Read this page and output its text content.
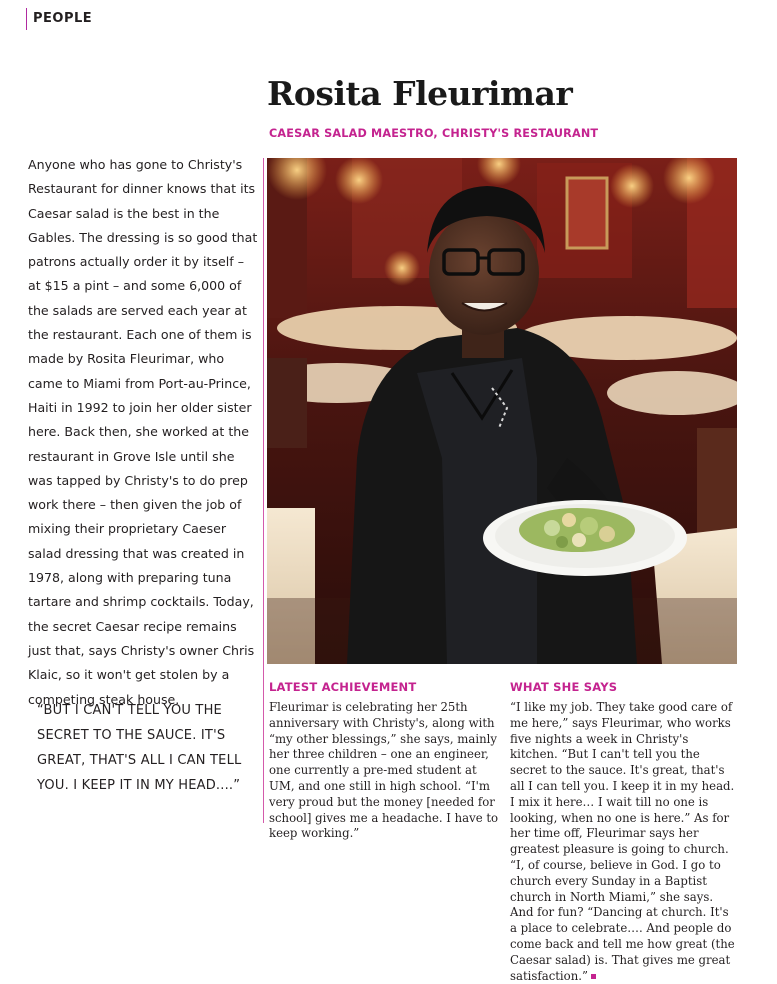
PEOPLE
Rosita Fleurimar
CAESAR SALAD MAESTRO, CHRISTY'S RESTAURANT
Anyone who has gone to Christy's Restaurant for dinner knows that its Caesar salad is the best in the Gables. The dressing is so good that patrons actually order it by itself – at $15 a pint – and some 6,000 of the salads are served each year at the restaurant. Each one of them is made by Rosita Fleurimar, who came to Miami from Port-au-Prince, Haiti in 1992 to join her older sister here. Back then, she worked at the restaurant in Grove Isle until she was tapped by Christy's to do prep work there – then given the job of mixing their proprietary Caeser salad dressing that was created in 1978, along with preparing tuna tartare and shrimp cocktails. Today, the secret Caesar recipe remains just that, says Christy's owner Chris Klaic, so it won't get stolen by a competing steak house.
“BUT I CAN'T TELL YOU THE SECRET TO THE SAUCE. IT'S GREAT, THAT'S ALL I CAN TELL YOU. I KEEP IT IN MY HEAD....”
LATEST ACHIEVEMENT
Fleurimar is celebrating her 25th anniversary with Christy's, along with “my other blessings,” she says, mainly her three children – one an engineer, one currently a pre-med student at UM, and one still in high school. “I'm very proud but the money [needed for school] gives me a headache. I have to keep working.”
WHAT SHE SAYS
“I like my job. They take good care of me here,” says Fleurimar, who works five nights a week in Christy's kitchen. “But I can't tell you the secret to the sauce. It's great, that's all I can tell you. I keep it in my head. I mix it here… I wait till no one is looking, when no one is here.” As for her time off, Fleurimar says her greatest pleasure is going to church. “I, of course, believe in God. I go to church every Sunday in a Baptist church in North Miami,” she says. And for fun? “Dancing at church. It's a place to celebrate…. And people do come back and tell me how great (the Caesar salad) is. That gives me great satisfaction.”
